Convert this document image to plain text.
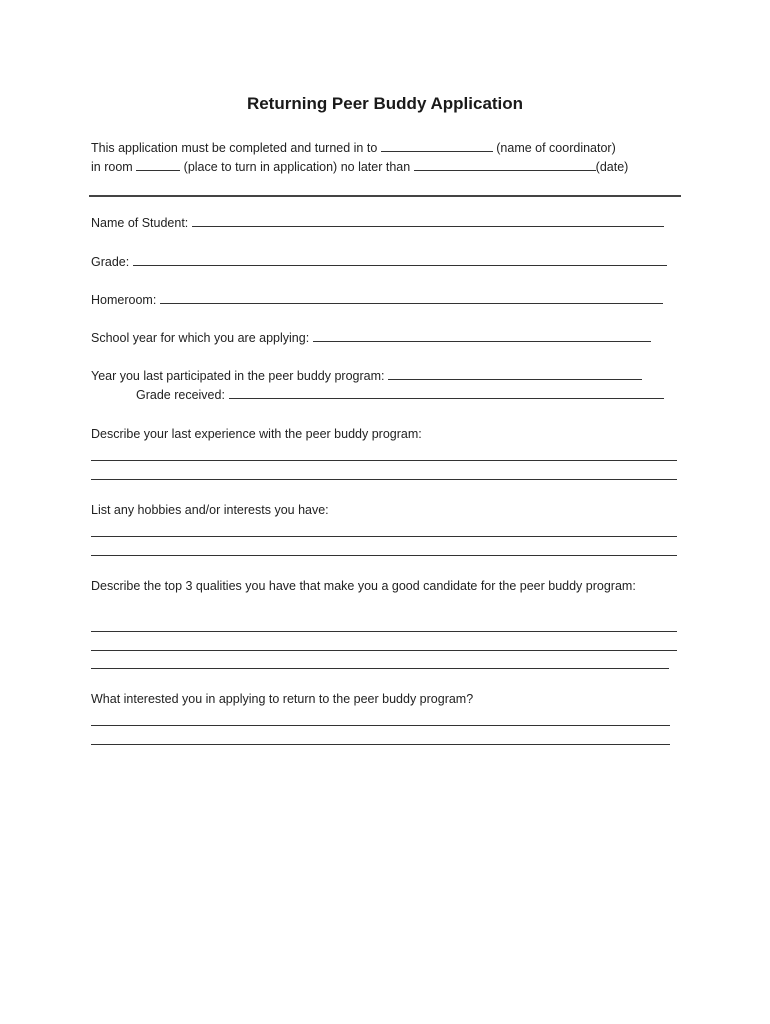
Returning Peer Buddy Application
This application must be completed and turned in to	(name of coordinator)
in room	(place to turn in application) no later than	(date)
Name of Student:
Grade:
Homeroom:
School year for which you are applying:
Year you last participated in the peer buddy program:
Grade received:
Describe your last experience with the peer buddy program:
List any hobbies and/or interests you have:
Describe the top 3 qualities you have that make you a good candidate for the peer buddy program:
What interested you in applying to return to the peer buddy program?
